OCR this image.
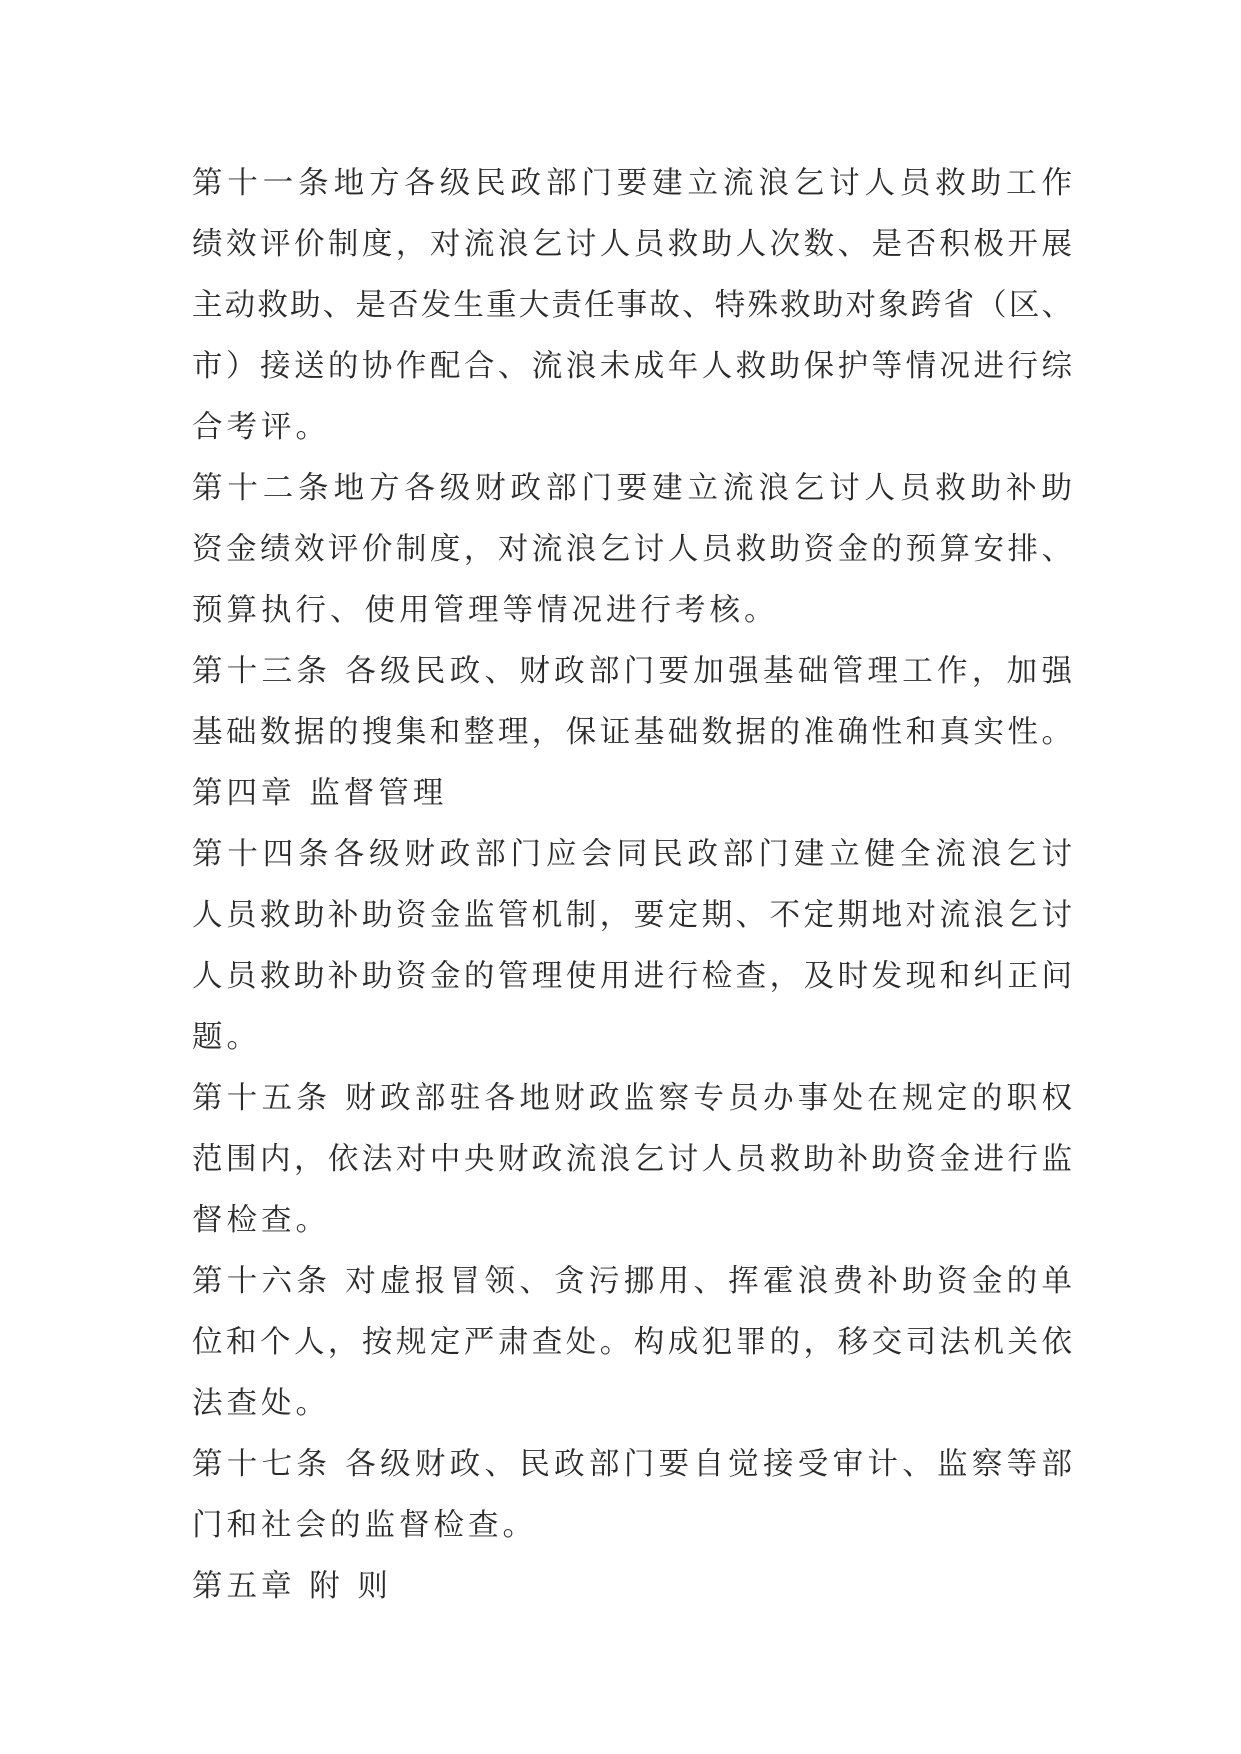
第十一条地方各级民政部门要建立流浪乞讨人员救助工作
绩效评价制度，对流浪乞讨人员救助人次数、是否积极开展
主动救助、是否发生重大责任事故、特殊救助对象跨省（区、
市）接送的协作配合、流浪未成年人救助保护等情况进行综
合考评。
第十二条地方各级财政部门要建立流浪乞讨人员救助补助
资金绩效评价制度，对流浪乞讨人员救助资金的预算安排、
预算执行、使用管理等情况进行考核。
第十三条 各级民政、财政部门要加强基础管理工作，加强
基础数据的搜集和整理，保证基础数据的准确性和真实性。
第四章 监督管理
第十四条各级财政部门应会同民政部门建立健全流浪乞讨
人员救助补助资金监管机制，要定期、不定期地对流浪乞讨
人员救助补助资金的管理使用进行检查，及时发现和纠正问
题。
第十五条 财政部驻各地财政监察专员办事处在规定的职权
范围内，依法对中央财政流浪乞讨人员救助补助资金进行监
督检查。
第十六条 对虚报冒领、贪污挪用、挥霍浪费补助资金的单
位和个人，按规定严肃查处。构成犯罪的，移交司法机关依
法查处。
第十七条 各级财政、民政部门要自觉接受审计、监察等部
门和社会的监督检查。
第五章 附 则
